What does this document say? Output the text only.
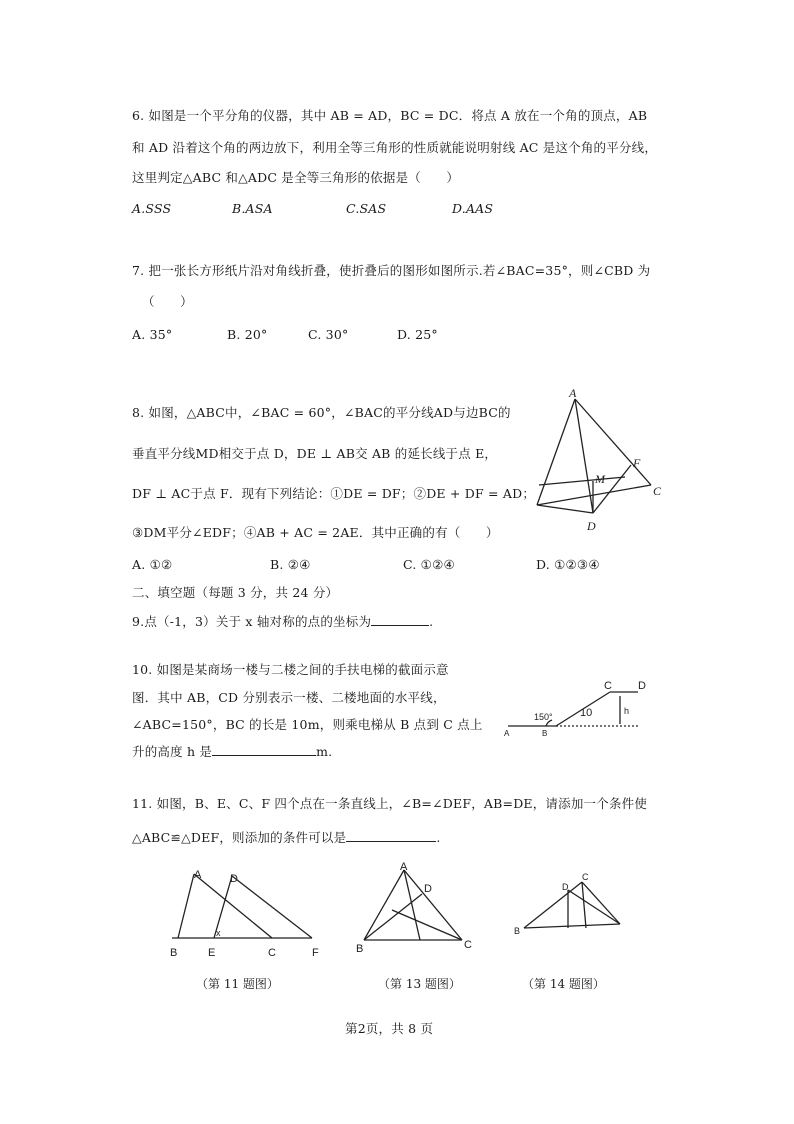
6. 如图是一个平分角的仪器，其中 AB = AD，BC = DC．将点 A 放在一个角的顶点，AB
和 AD 沿着这个角的两边放下，利用全等三角形的性质就能说明射线 AC 是这个角的平分线，
这里判定△ABC 和△ADC 是全等三角形的依据是（　　）
A.SSS	B.ASA	C.SAS	D.AAS
7. 把一张长方形纸片沿对角线折叠，使折叠后的图形如图所示.若∠BAC=35°，则∠CBD 为
（　　）
A. 35°	B. 20°	C. 30°	D. 25°
8. 如图，△ABC中，∠BAC = 60°，∠BAC的平分线AD与边BC的
垂直平分线MD相交于点 D，DE ⊥ AB交 AB 的延长线于点 E，
DF ⊥ AC于点 F．现有下列结论：①DE = DF；②DE + DF = AD；
③DM平分∠EDF；④AB + AC = 2AE．其中正确的有（　　）
A. ①②	B. ②④	C. ①②④	D. ①②③④
A
F
M
C
D
二、填空题（每题 3 分，共 24 分）
9.点（-1，3）关于 x 轴对称的点的坐标为	.
10. 如图是某商场一楼与二楼之间的手扶电梯的截面示意
图．其中 AB，CD 分别表示一楼、二楼地面的水平线，
∠ABC=150°，BC 的长是 10m，则乘电梯从 B 点到 C 点上
升的高度 h 是	m.
C D
150° 10	h
A	B
11. 如图，B、E、C、F 四个点在一条直线上，∠B=∠DEF，AB=DE，请添加一个条件使
△ABC≌△DEF，则添加的条件可以是	.
A	D
B	E	C	F
x
A
D
B	C
D
C
B
（第 11 题图）	（第 13 题图）	（第 14 题图）
第2页，共 8 页
